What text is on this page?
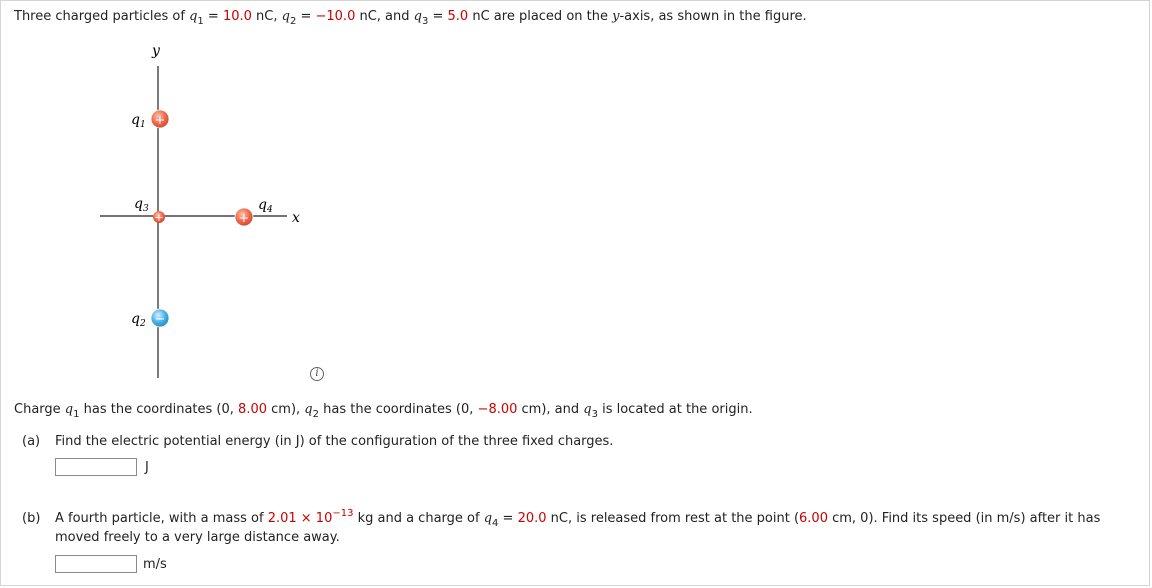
Three charged particles of $q_1 = 10.0$ nC, $q_2 = -10.0$ nC, and $q_3 = 5.0$ nC are placed on the y-axis, as shown in the figure.
y
x
+
$q_1$
+
$q_3$
+
$q_4$
−
$q_2$
i
Charge $q_1$ has the coordinates (0, 8.00 cm), $q_2$ has the coordinates (0, −8.00 cm), and $q_3$ is located at the origin.
(a) Find the electric potential energy (in J) of the configuration of the three fixed charges.
J
(b) A fourth particle, with a mass of $2.01 \times 10^{-13}$ kg and a charge of $q_4 = 20.0$ nC, is released from rest at the point (6.00 cm, 0). Find its speed (in m/s) after it has
moved freely to a very large distance away.
m/s
